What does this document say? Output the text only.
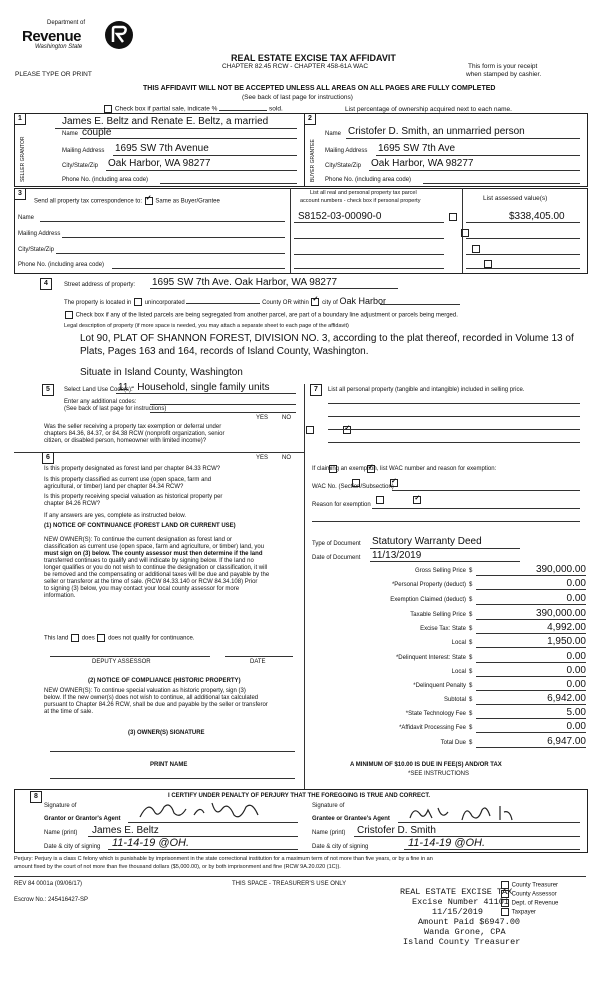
Department of
Revenue
Washington State
PLEASE TYPE OR PRINT
REAL ESTATE EXCISE TAX AFFIDAVIT
CHAPTER 82.45 RCW - CHAPTER 458-61A WAC	This form is your receipt
when stamped by cashier.
THIS AFFIDAVIT WILL NOT BE ACCEPTED UNLESS ALL AREAS ON ALL PAGES ARE FULLY COMPLETED
(See back of last page for instructions)
Check box if partial sale, indicate %	sold.	List percentage of ownership acquired next to each name.
1	2
SELLER GRANTOR	BUYER GRANTEE
James E. Beltz and Renate E. Beltz, a married
Name couple
Mailing Address 1695 SW 7th Avenue
City/State/Zip Oak Harbor, WA 98277
Phone No. (including area code)
Name Cristofer D. Smith, an unmarried person
Mailing Address 1695 SW 7th Ave
City/State/Zip Oak Harbor, WA 98277
Phone No. (including area code)
3
Send all property tax correspondence to: ✓ Same as Buyer/Grantee
List all real and personal property tax parcel
account numbers - check box if personal property	List assessed value(s)
Name
Mailing Address
City/State/Zip
Phone No. (including area code)
S8152-03-00090-0	$338,405.00

4	Street address of property: 1695 SW 7th Ave. Oak Harbor, WA 98277
The property is located in unincorporated	County OR within ✓ city of Oak Harbor
Check box if any of the listed parcels are being segregated from another parcel, are part of a boundary line adjustment or parcels being merged.
Legal description of property (if more space is needed, you may attach a separate sheet to each page of the affidavit)
Lot 90, PLAT OF SHANNON FOREST, DIVISION NO. 3, according to the plat thereof, recorded in Volume 13 of
Plats, Pages 163 and 164, records of Island County, Washington.
Situate in Island County, Washington
5	Select Land Use Code(s):
11 - Household, single family units
Enter any additional codes:
(See back of last page for instructions)
YES NO
Was the seller receiving a property tax exemption or deferral under
chapters 84.36, 84.37, or 84.38 RCW (nonprofit organization, senior
citizen, or disabled person, homeowner with limited income)?
✓
6	YES NO
Is this property designated as forest land per chapter 84.33 RCW?
✓
Is this property classified as current use (open space, farm and
agricultural, or timber) land per chapter 84.34 RCW?
✓
Is this property receiving special valuation as historical property per
chapter 84.26 RCW?
✓
If any answers are yes, complete as instructed below.
(1) NOTICE OF CONTINUANCE (FOREST LAND OR CURRENT USE)
NEW OWNER(S): To continue the current designation as forest land or
classification as current use (open space, farm and agriculture, or timber) land, you
must sign on (3) below. The county assessor must then determine if the land
transferred continues to qualify and will indicate by signing below. If the land no
longer qualifies or you do not wish to continue the designation or classification, it will
be removed and the compensating or additional taxes will be due and payable by the
seller or transferor at the time of sale. (RCW 84.33.140 or RCW 84.34.108) Prior
to signing (3) below, you may contact your local county assessor for more
information.
This land does does not qualify for continuance.
DEPUTY ASSESSOR	DATE
(2) NOTICE OF COMPLIANCE (HISTORIC PROPERTY)
NEW OWNER(S): To continue special valuation as historic property, sign (3)
below. If the new owner(s) does not wish to continue, all additional tax calculated
pursuant to Chapter 84.26 RCW, shall be due and payable by the seller or transferor
at the time of sale.
(3) OWNER(S) SIGNATURE
PRINT NAME
7	List all personal property (tangible and intangible) included in selling price.
If claiming an exemption, list WAC number and reason for exemption:
WAC No. (Section/Subsection)
Reason for exemption
Type of Document Statutory Warranty Deed
Date of Document 11/13/2019
Gross Selling Price $	390,000.00
*Personal Property (deduct) $	0.00
Exemption Claimed (deduct) $	0.00
Taxable Selling Price $	390,000.00
Excise Tax: State $	4,992.00
Local $	1,950.00
*Delinquent Interest: State $	0.00
Local $	0.00
*Delinquent Penalty $	0.00
Subtotal $	6,942.00
*State Technology Fee $	5.00
*Affidavit Processing Fee $	0.00
Total Due $	6,947.00
A MINIMUM OF $10.00 IS DUE IN FEE(S) AND/OR TAX
*SEE INSTRUCTIONS
8	I CERTIFY UNDER PENALTY OF PERJURY THAT THE FOREGOING IS TRUE AND CORRECT.
Signature of
Grantor or Grantor's Agent
Name (print) James E. Beltz
Date & city of signing 11-14-19 @OH.
Signature of
Grantee or Grantee's Agent
Name (print) Cristofer D. Smith
Date & city of signing	11-14-19 @OH.
Perjury: Perjury is a class C felony which is punishable by imprisonment in the state correctional institution for a maximum term of not more than five years, or by a fine in an
amount fixed by the court of not more than five thousand dollars ($5,000.00), or by both imprisonment and fine (RCW 9A.20.020 (1C)).
REV 84 0001a (09/06/17)	THIS SPACE - TREASURER'S USE ONLY
Escrow No.: 245416427-SP
REAL ESTATE EXCISE TAX
Excise Number 41101
11/15/2019
Amount Paid $6947.00
Wanda Grone, CPA
Island County Treasurer
County Treasurer
County Assessor
Dept. of Revenue
Taxpayer
